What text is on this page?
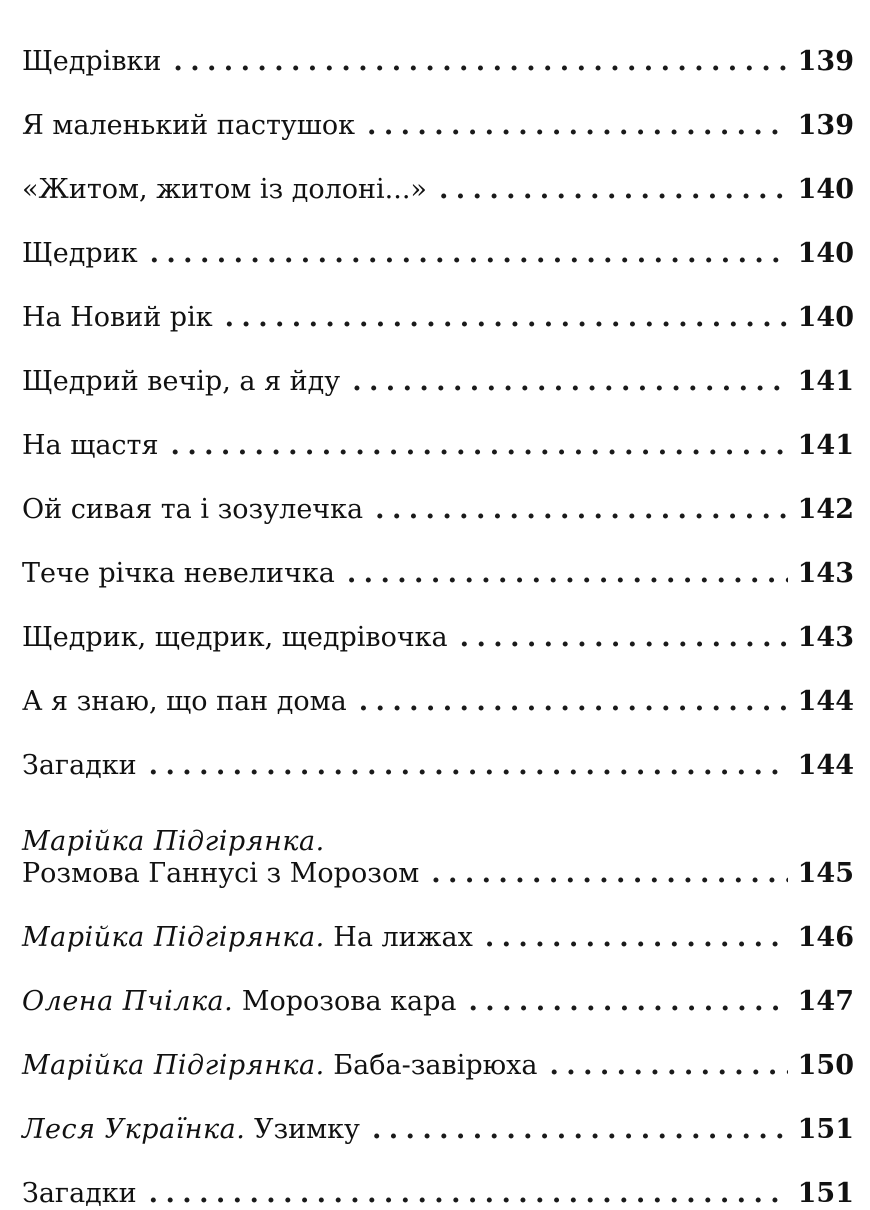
Щедрівки . . .	139
Я маленький пастушок . . .	139
«Житом, житом із долоні...» . . .	140
Щедрик . . .	140
На Новий рік . . .	140
Щедрий вечір, а я йду . . .	141
На щастя . . .	141
Ой сивая та і зозулечка . . .	142
Тече річка невеличка . . .	143
Щедрик, щедрик, щедрівочка . . .	143
А я знаю, що пан дома . . .	144
Загадки . . .	144
Марійка Підгірянка.
Розмова Ганнусі з Морозом . . .	145
Марійка Підгірянка. На лижах . . .	146
Олена Пчілка. Морозова кара . . .	147
Марійка Підгірянка. Баба-завірюха . . .	150
Леся Українка. Узимку . . .	151
Загадки . . .	151
